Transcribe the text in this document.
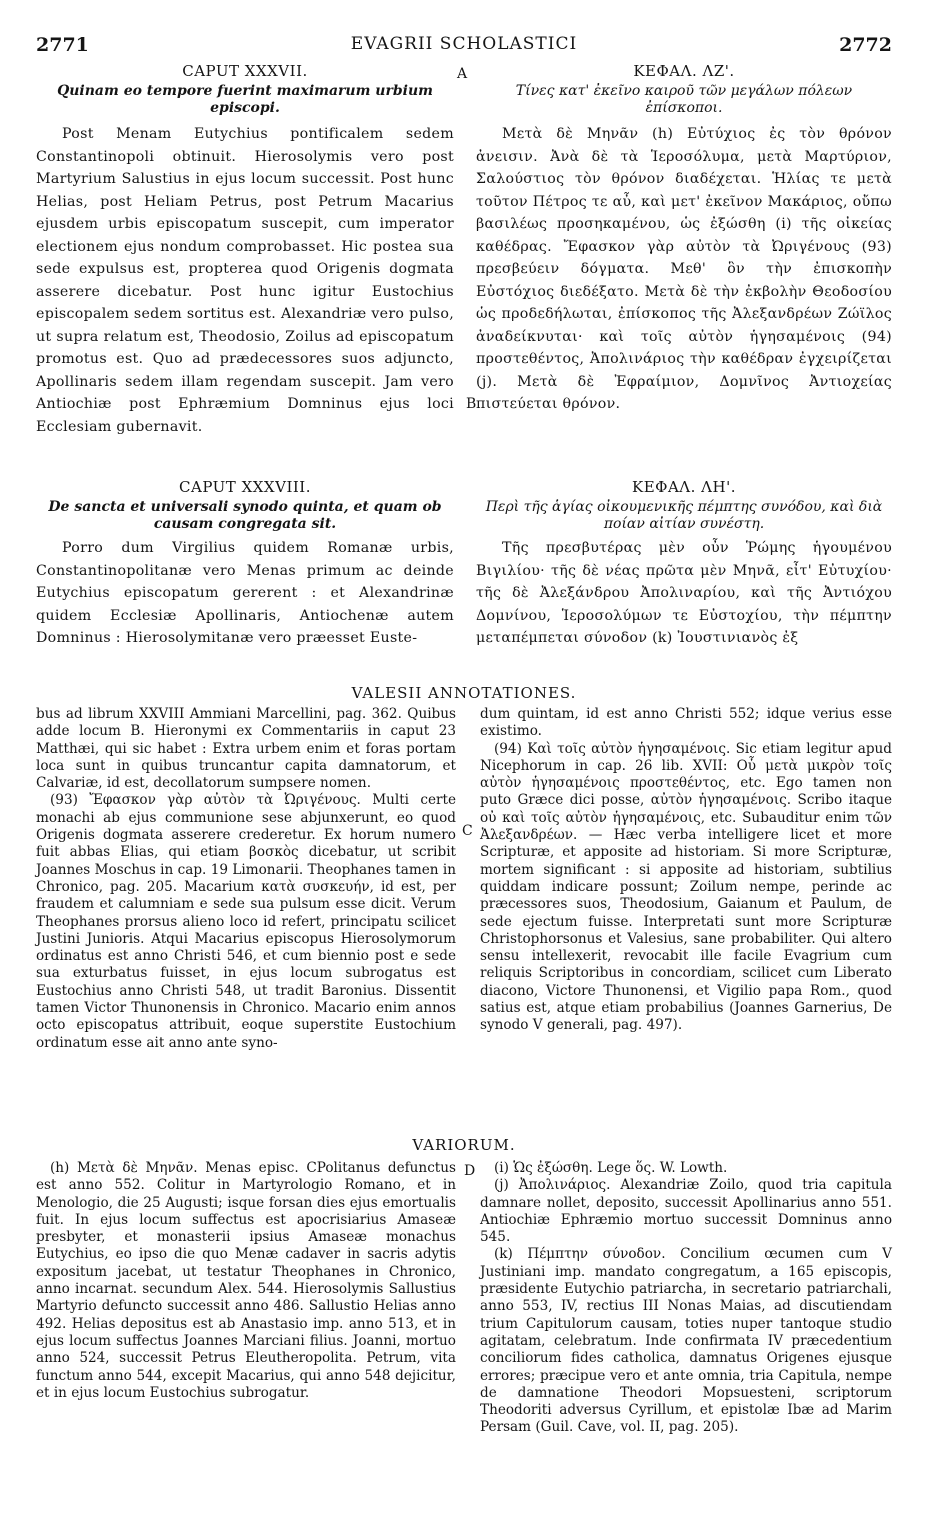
2771	EVAGRII SCHOLASTICI	2772
A
B
C
D
CAPUT XXXVII.
Quinam eo tempore fuerint maximarum urbium episcopi.

Post Menam Eutychius pontificalem sedem Constantinopoli obtinuit. Hierosolymis vero post Martyrium Salustius in ejus locum successit. Post hunc Helias, post Heliam Petrus, post Petrum Macarius ejusdem urbis episcopatum suscepit, cum imperator electionem ejus nondum comprobasset. Hic postea sua sede expulsus est, propterea quod Origenis dogmata asserere dicebatur. Post hunc igitur Eustochius episcopalem sedem sortitus est. Alexandriæ vero pulso, ut supra relatum est, Theodosio, Zoilus ad episcopatum promotus est. Quo ad prædecessores suos adjuncto, Apollinaris sedem illam regendam suscepit. Jam vero Antiochiæ post Ephræmium Domninus ejus loci Ecclesiam gubernavit.

ΚΕΦΑΛ. ΛΖ'.
Τίνες κατ' ἐκεῖνο καιροῦ τῶν μεγάλων πόλεων ἐπίσκοποι.

Μετὰ δὲ Μηνᾶν (h) Εὐτύχιος ἐς τὸν θρόνον ἀνεισιν. Ἀνὰ δὲ τὰ Ἱεροσόλυμα, μετὰ Μαρτύριον, Σαλούστιος τὸν θρόνον διαδέχεται. Ἡλίας τε μετὰ τοῦτον Πέτρος τε αὖ, καὶ μετ' ἐκεῖνον Μακάριος, οὔπω βασιλέως προσηκαμένου, ὡς ἐξώσθη (i) τῆς οἰκείας καθέδρας. Ἔφασκον γὰρ αὐτὸν τὰ Ὠριγένους (93) πρεσβεύειν δόγματα. Μεθ' ὃν τὴν ἐπισκοπὴν Εὐστόχιος διεδέξατο. Μετὰ δὲ τὴν ἐκβολὴν Θεοδοσίου ὡς προδεδήλωται, ἐπίσκοπος τῆς Ἀλεξανδρέων Ζώϊλος ἀναδείκνυται· καὶ τοῖς αὐτὸν ἡγησαμένοις (94) προστεθέντος, Ἀπολινάριος τὴν καθέδραν ἐγχειρίζεται (j). Μετὰ δὲ Ἐφραίμιον, Δομνῖνος Ἀντιοχείας πιστεύεται θρόνον.

CAPUT XXXVIII.
De sancta et universali synodo quinta, et quam ob causam congregata sit.

Porro dum Virgilius quidem Romanæ urbis, Constantinopolitanæ vero Menas primum ac deinde Eutychius episcopatum gererent : et Alexandrinæ quidem Ecclesiæ Apollinaris, Antiochenæ autem Domninus : Hierosolymitanæ vero præesset Euste-

ΚΕΦΑΛ. ΛΗ'.
Περὶ τῆς ἁγίας οἰκουμενικῆς πέμπτης συνόδου, καὶ διὰ ποίαν αἰτίαν συνέστη.

Τῆς πρεσβυτέρας μὲν οὖν Ῥώμης ἡγουμένου Βιγιλίου· τῆς δὲ νέας πρῶτα μὲν Μηνᾶ, εἶτ' Εὐτυχίου· τῆς δὲ Ἀλεξάνδρου Ἀπολιναρίου, καὶ τῆς Ἀντιόχου Δομνίνου, Ἱεροσολύμων τε Εὐστοχίου, τὴν πέμπτην μεταπέμπεται σύνοδον (k) Ἰουστινιανὸς ἐξ

VALESII ANNOTATIONES.

bus ad librum XXVIII Ammiani Marcellini, pag. 362. Quibus adde locum B. Hieronymi ex Commentariis in caput 23 Matthæi, qui sic habet : Extra urbem enim et foras portam loca sunt in quibus truncantur capita damnatorum, et Calvariæ, id est, decollatorum sumpsere nomen.

(93) Ἔφασκον γὰρ αὐτὸν τὰ Ὠριγένους. Multi certe monachi ab ejus communione sese abjunxerunt, eo quod Origenis dogmata asserere crederetur. Ex horum numero fuit abbas Elias, qui etiam βοσκὸς dicebatur, ut scribit Joannes Moschus in cap. 19 Limonarii. Theophanes tamen in Chronico, pag. 205. Macarium κατὰ συσκευήν, id est, per fraudem et calumniam e sede sua pulsum esse dicit. Verum Theophanes prorsus alieno loco id refert, principatu scilicet Justini Junioris. Atqui Macarius episcopus Hierosolymorum ordinatus est anno Christi 546, et cum biennio post e sede sua exturbatus fuisset, in ejus locum subrogatus est Eustochius anno Christi 548, ut tradit Baronius. Dissentit tamen Victor Thunonensis in Chronico. Macario enim annos octo episcopatus attribuit, eoque superstite Eustochium ordinatum esse ait anno ante syno-

dum quintam, id est anno Christi 552; idque verius esse existimo.

(94) Καὶ τοῖς αὐτὸν ἡγησαμένοις. Sic etiam legitur apud Nicephorum in cap. 26 lib. XVII: Οὗ μετὰ μικρὸν τοῖς αὐτὸν ἡγησαμένοις προστεθέντος, etc. Ego tamen non puto Græce dici posse, αὐτὸν ἡγησαμένοις. Scribo itaque οὐ καὶ τοῖς αὐτὸν ἡγησαμένοις, etc. Subauditur enim τῶν Ἀλεξανδρέων. — Hæc verba intelligere licet et more Scripturæ, et apposite ad historiam. Si more Scripturæ, mortem significant : si apposite ad historiam, subtilius quiddam indicare possunt; Zoilum nempe, perinde ac præcessores suos, Theodosium, Gaianum et Paulum, de sede ejectum fuisse. Interpretati sunt more Scripturæ Christophorsonus et Valesius, sane probabiliter. Qui altero sensu intellexerit, revocabit ille facile Evagrium cum reliquis Scriptoribus in concordiam, scilicet cum Liberato diacono, Victore Thunonensi, et Vigilio papa Rom., quod satius est, atque etiam probabilius (Joannes Garnerius, De synodo V generali, pag. 497).

VARIORUM.

(h) Μετὰ δὲ Μηνᾶν. Menas episc. CPolitanus defunctus est anno 552. Colitur in Martyrologio Romano, et in Menologio, die 25 Augusti; isque forsan dies ejus emortualis fuit. In ejus locum suffectus est apocrisiarius Amaseæ presbyter, et monasterii ipsius Amaseæ monachus Eutychius, eo ipso die quo Menæ cadaver in sacris adytis expositum jacebat, ut testatur Theophanes in Chronico, anno incarnat. secundum Alex. 544. Hierosolymis Sallustius Martyrio defuncto successit anno 486. Sallustio Helias anno 492. Helias depositus est ab Anastasio imp. anno 513, et in ejus locum suffectus Joannes Marciani filius. Joanni, mortuo anno 524, successit Petrus Eleutheropolita. Petrum, vita functum anno 544, excepit Macarius, qui anno 548 dejicitur, et in ejus locum Eustochius subrogatur.

(i) Ὡς ἐξώσθη. Lege ὅς. W. Lowth.

(j) Ἀπολινάριος. Alexandriæ Zoilo, quod tria capitula damnare nollet, deposito, successit Apollinarius anno 551. Antiochiæ Ephræmio mortuo successit Domninus anno 545.

(k) Πέμπτην σύνοδον. Concilium œcumen cum V Justiniani imp. mandato congregatum, a 165 episcopis, præsidente Eutychio patriarcha, in secretario patriarchali, anno 553, IV, rectius III Nonas Maias, ad discutiendam trium Capitulorum causam, toties nuper tantoque studio agitatam, celebratum. Inde confirmata IV præcedentium conciliorum fides catholica, damnatus Origenes ejusque errores; præcipue vero et ante omnia, tria Capitula, nempe de damnatione Theodori Mopsuesteni, scriptorum Theodoriti adversus Cyrillum, et epistolæ Ibæ ad Marim Persam (Guil. Cave, vol. II, pag. 205).
